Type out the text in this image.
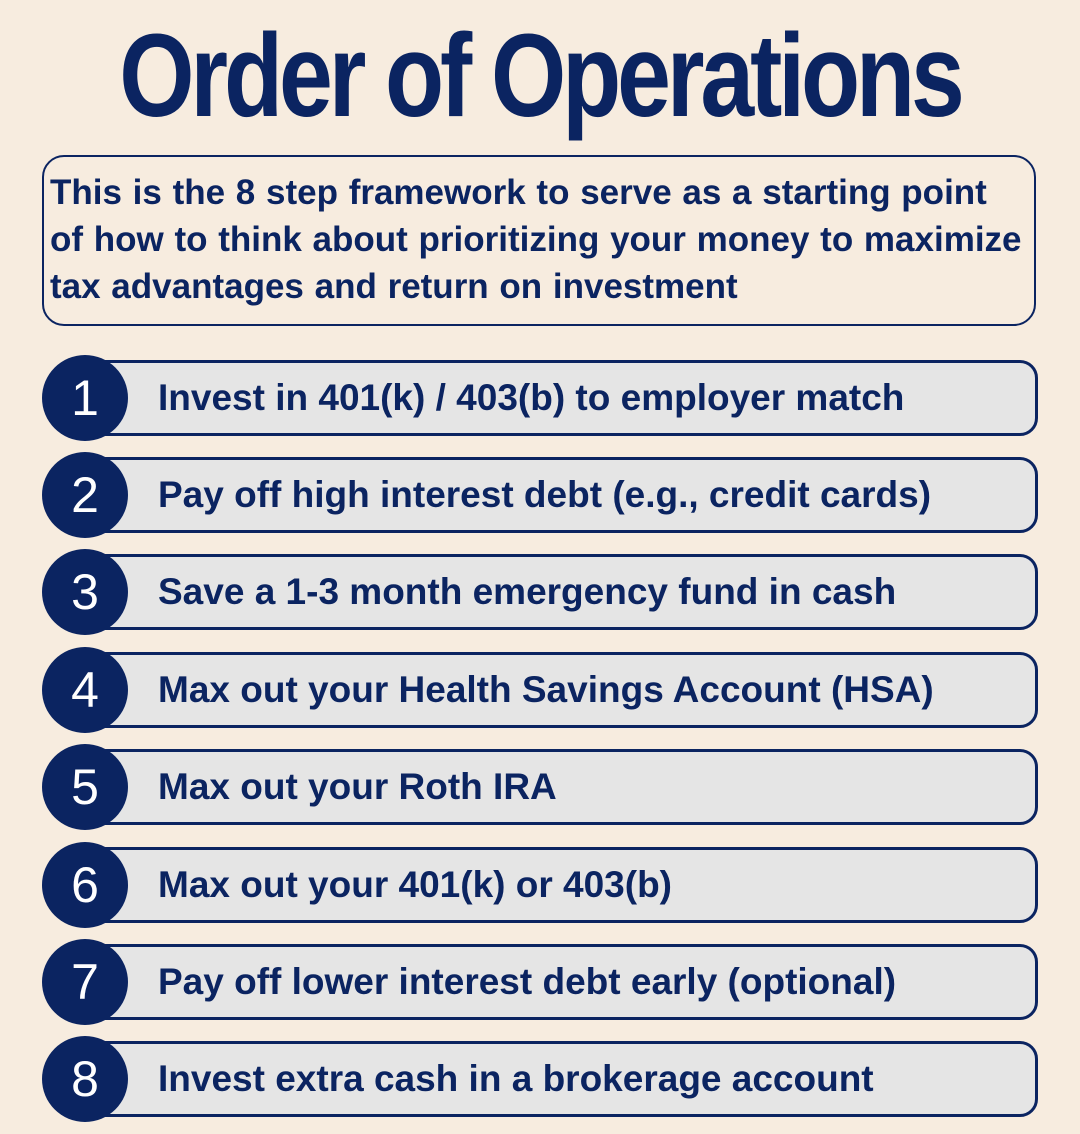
Order of Operations

This is the 8 step framework to serve as a starting point of how to think about prioritizing your money to maximize tax advantages and return on investment

1	Invest in 401(k) / 403(b) to employer match
2	Pay off high interest debt (e.g., credit cards)
3	Save a 1-3 month emergency fund in cash
4	Max out your Health Savings Account (HSA)
5	Max out your Roth IRA
6	Max out your 401(k) or 403(b)
7	Pay off lower interest debt early (optional)
8	Invest extra cash in a brokerage account
